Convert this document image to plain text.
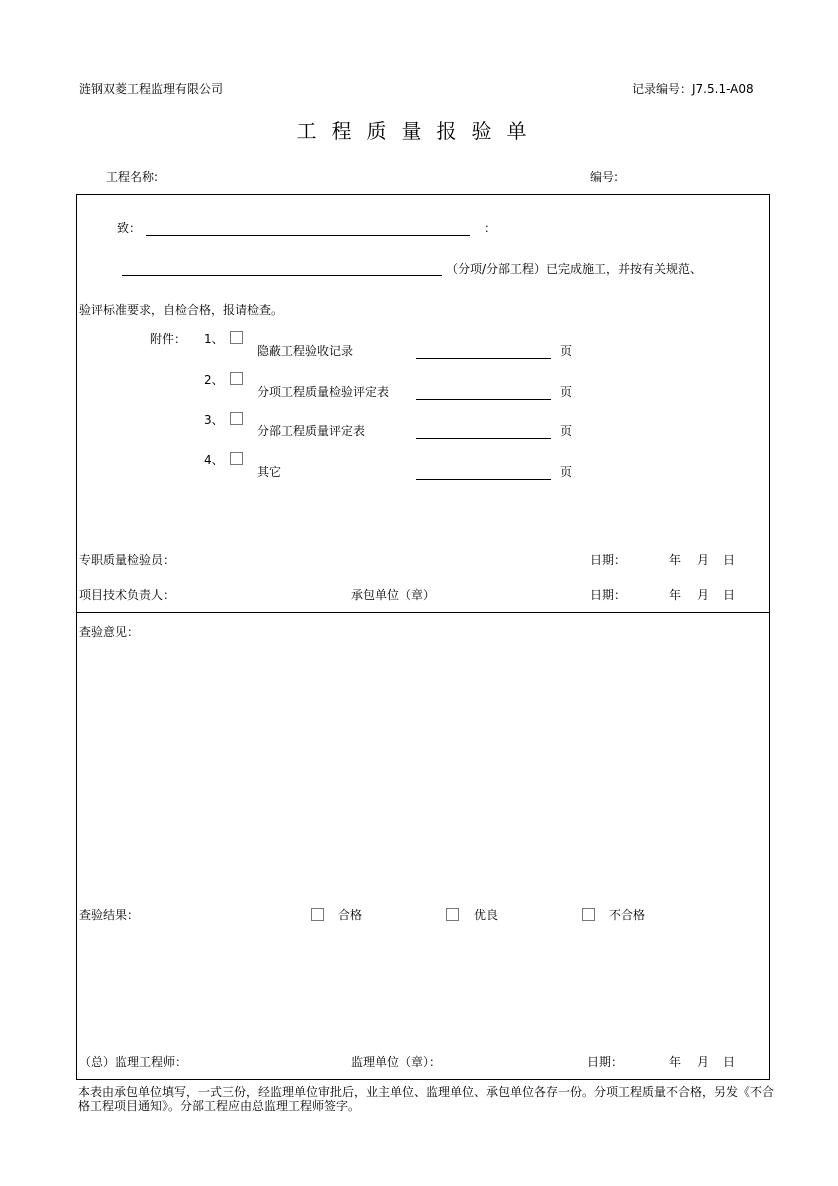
涟钢双菱工程监理有限公司	记录编号：J7.5.1-A08
工程质量报验单
工程名称:	编号:
致：	：
（分项/分部工程）已完成施工，并按有关规范、
验评标准要求，自检合格，报请检查。
附件： 1、
隐蔽工程验收记录	页
2、
分项工程质量检验评定表	页
3、
分部工程质量评定表	页
4、
其它	页
专职质量检验员：	日期：	年 月 日
项目技术负责人：	承包单位（章）	日期：	年 月 日
查验意见：
查验结果：	合格	优良	不合格
（总）监理工程师：	监理单位（章）：	日期：	年 月 日
本表由承包单位填写，一式三份，经监理单位审批后，业主单位、监理单位、承包单位各存一份。分项工程质量不合格，另发《不合格工程项目通知》。分部工程应由总监理工程师签字。
